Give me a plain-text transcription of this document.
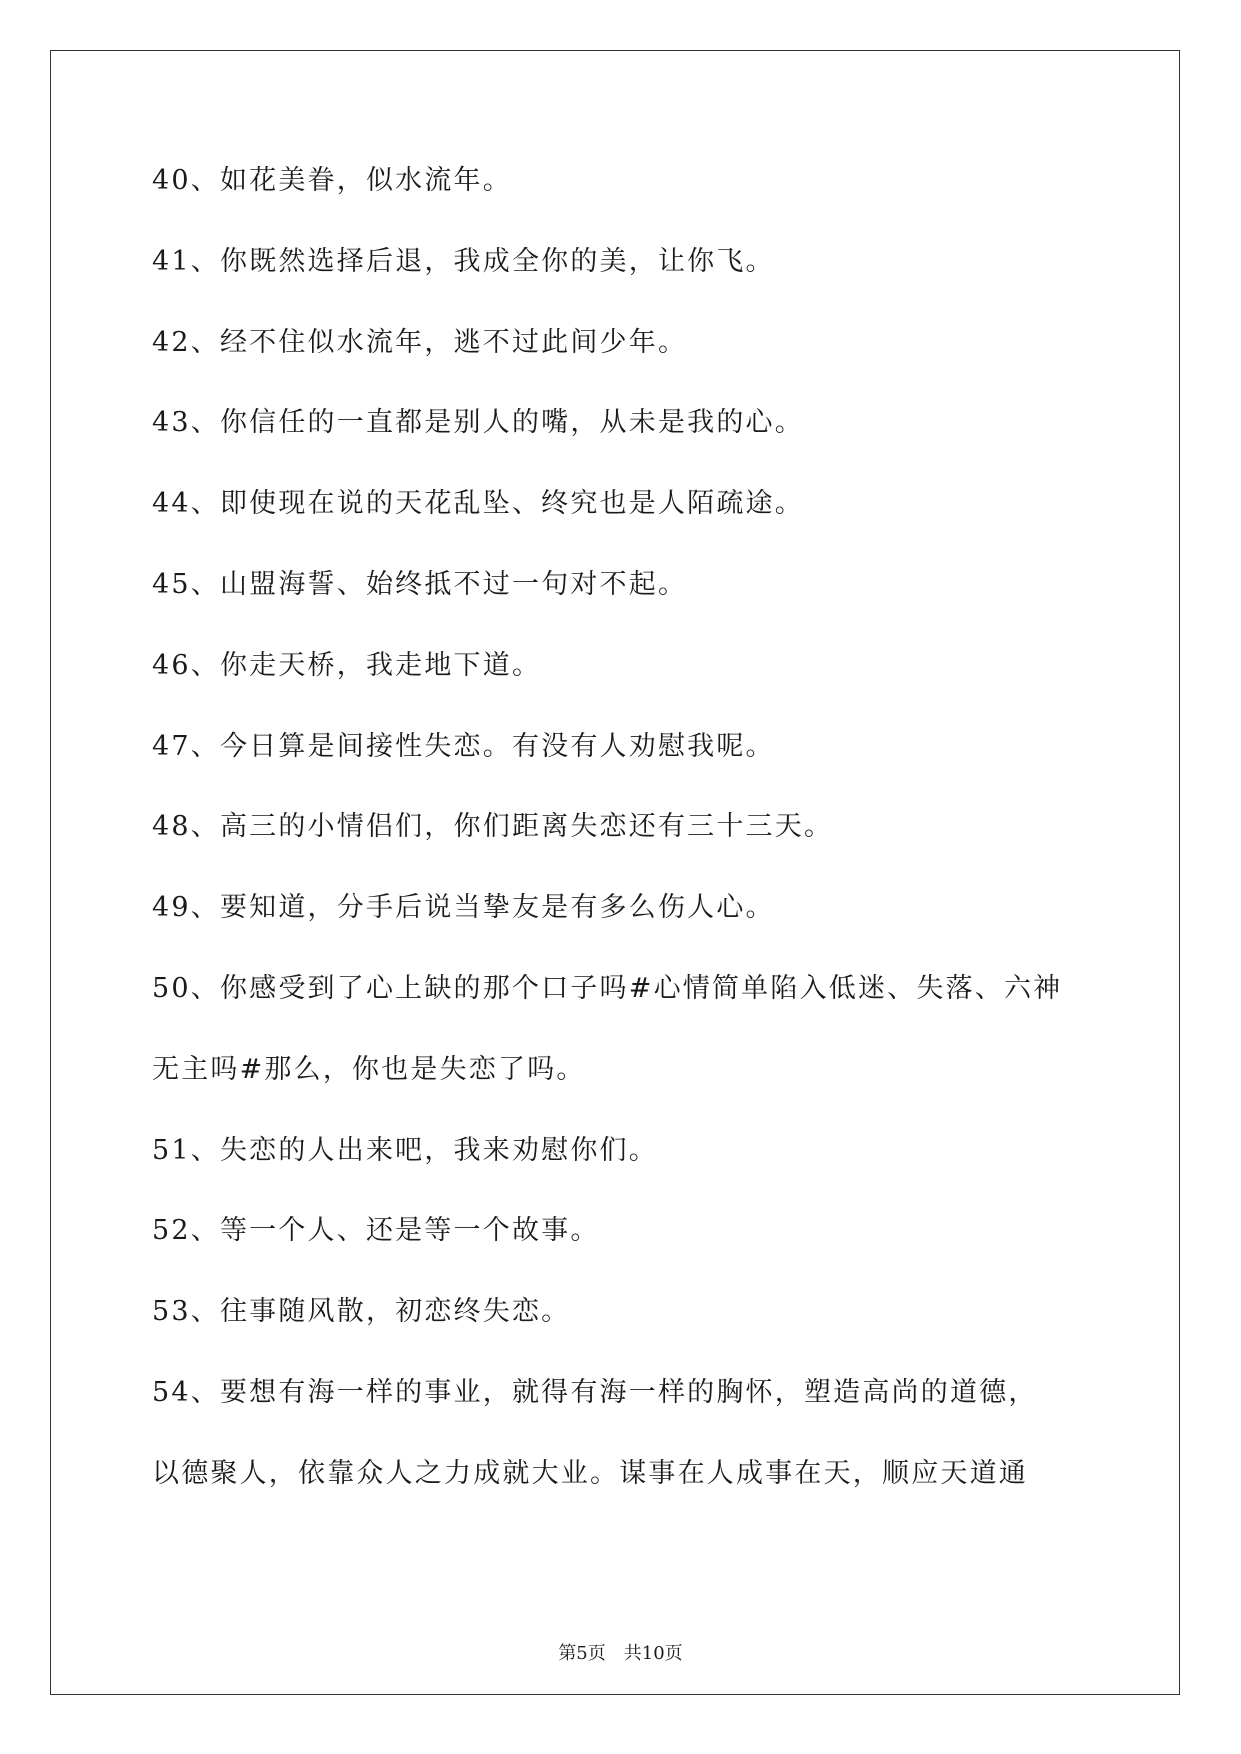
40、如花美眷，似水流年。
41、你既然选择后退，我成全你的美，让你飞。
42、经不住似水流年，逃不过此间少年。
43、你信任的一直都是别人的嘴，从未是我的心。
44、即使现在说的天花乱坠、终究也是人陌疏途。
45、山盟海誓、始终抵不过一句对不起。
46、你走天桥，我走地下道。
47、今日算是间接性失恋。有没有人劝慰我呢。
48、高三的小情侣们，你们距离失恋还有三十三天。
49、要知道，分手后说当挚友是有多么伤人心。
50、你感受到了心上缺的那个口子吗#心情简单陷入低迷、失落、六神
无主吗#那么，你也是失恋了吗。
51、失恋的人出来吧，我来劝慰你们。
52、等一个人、还是等一个故事。
53、往事随风散，初恋终失恋。
54、要想有海一样的事业，就得有海一样的胸怀，塑造高尚的道德，
以德聚人，依靠众人之力成就大业。谋事在人成事在天，顺应天道通
第5页　共10页
